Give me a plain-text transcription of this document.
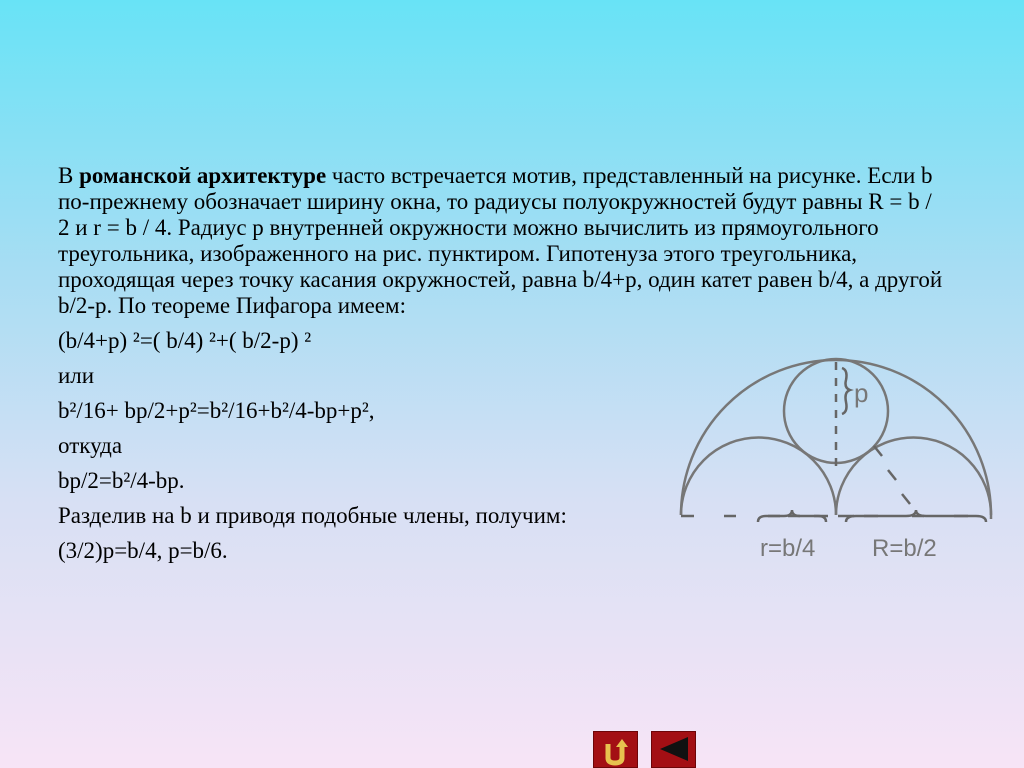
В романской архитектуре часто встречается мотив, представленный на рисунке. Если b по-прежнему обозначает ширину окна, то радиусы полуокружностей будут равны R = b / 2 и r = b / 4. Радиус p внутренней окружности можно вычислить из прямоугольного треугольника, изображенного на рис. пунктиром. Гипотенуза этого треугольника, проходящая через точку касания окружностей, равна b/4+p, один катет равен b/4, а другой b/2-p. По теореме Пифагора имеем:

(b/4+p) ²=( b/4) ²+( b/2-p) ²
или
b²/16+ bp/2+p²=b²/16+b²/4-bp+p²,
откуда
bp/2=b²/4-bp.
Разделив на b и приводя подобные члены, получим:
(3/2)p=b/4, p=b/6.
p
r=b/4 R=b/2
